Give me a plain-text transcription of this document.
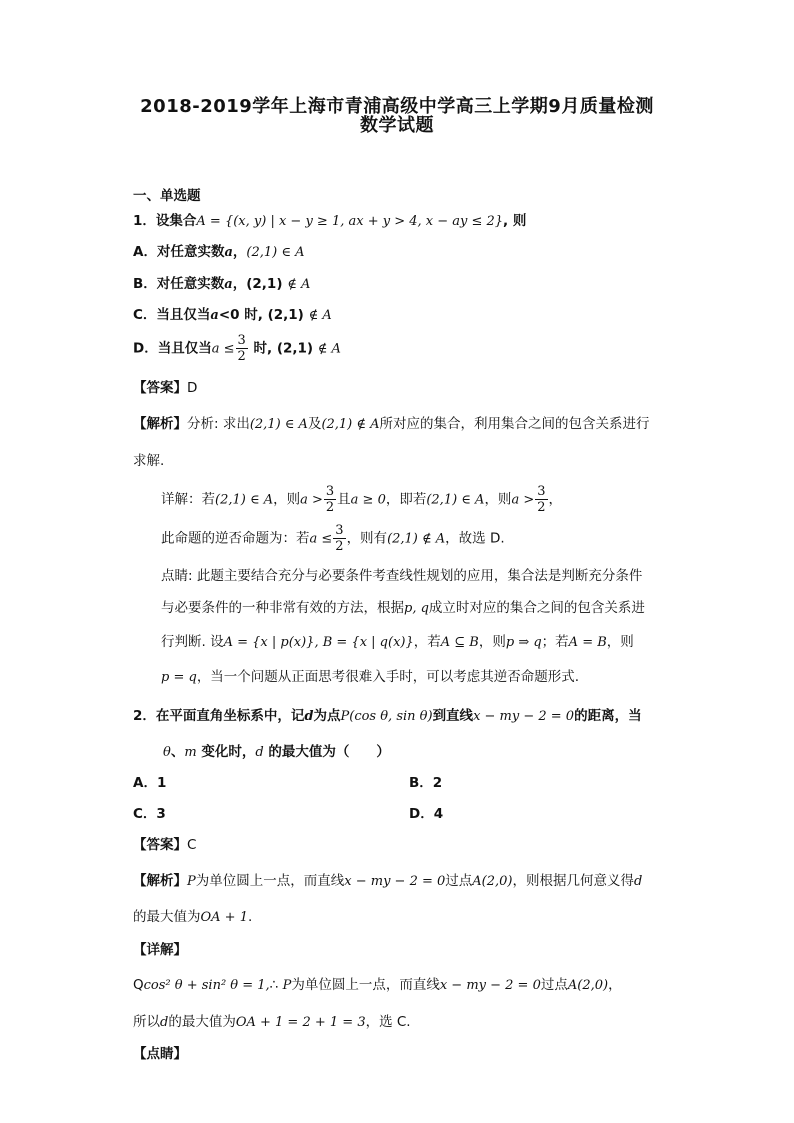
2018-2019学年上海市青浦高级中学高三上学期9月质量检测
数学试题
一、单选题
1．设集合A = {(x, y) | x − y ≥ 1, ax + y > 4, x − ay ≤ 2}, 则
A．对任意实数a，(2,1) ∈ A
B．对任意实数a，(2,1) ∉ A
C．当且仅当a<0 时, (2,1) ∉ A
D．当且仅当$a \le \frac{3}{2}$ 时, (2,1) ∉ A
【答案】D
【解析】分析: 求出(2,1) ∈ A及(2,1) ∉ A所对应的集合，利用集合之间的包含关系进行
求解.
详解：若(2,1) ∈ A，则$a > \frac{3}{2}$ 且a ≥ 0，即若(2,1) ∈ A，则$a > \frac{3}{2}$ ，
此命题的逆否命题为：若$a \le \frac{3}{2}$ ，则有(2,1) ∉ A，故选 D.
点睛: 此题主要结合充分与必要条件考查线性规划的应用，集合法是判断充分条件
与必要条件的一种非常有效的方法，根据p, q成立时对应的集合之间的包含关系进
行判断. 设A = {x | p(x)}, B = {x | q(x)}，若A ⊆ B，则p ⇒ q；若A = B，则
p = q，当一个问题从正面思考很难入手时，可以考虑其逆否命题形式.
2．在平面直角坐标系中，记d为点P(cos θ, sin θ)到直线x − my − 2 = 0的距离，当
θ、m 变化时，d 的最大值为（　　）
A．1	B．2
C．3	D．4
【答案】C
【解析】P为单位圆上一点，而直线x − my − 2 = 0过点A(2,0)，则根据几何意义得d
的最大值为OA + 1.
【详解】
Qcos² θ + sin² θ = 1,∴ P为单位圆上一点，而直线x − my − 2 = 0过点A(2,0)，
所以d的最大值为OA + 1 = 2 + 1 = 3，选 C.
【点睛】
